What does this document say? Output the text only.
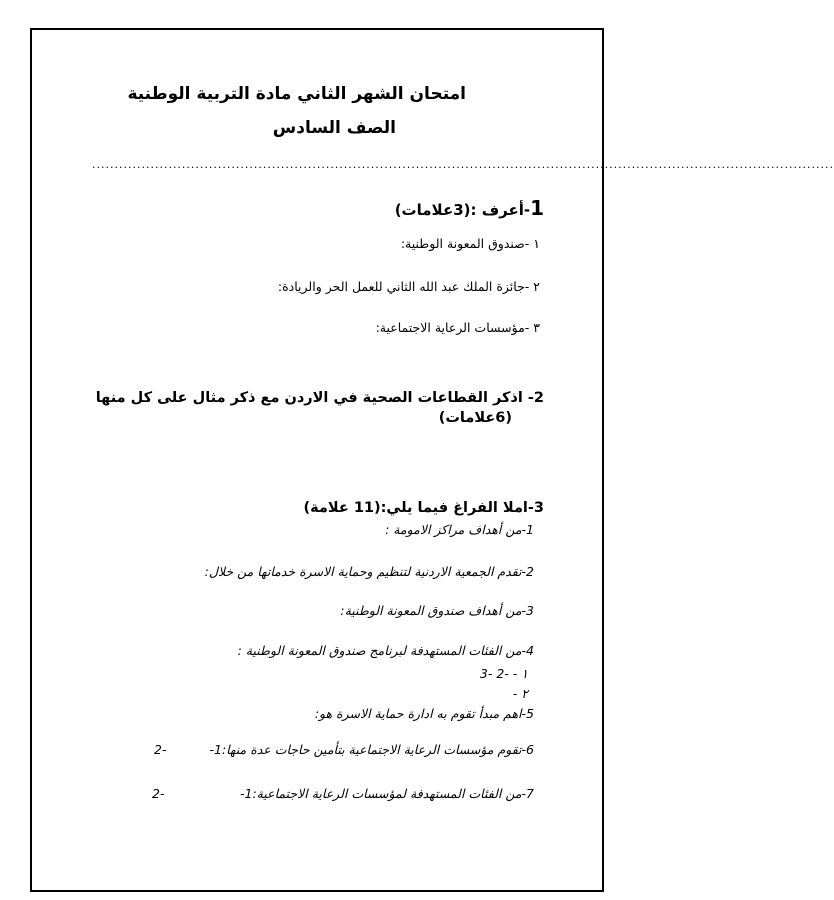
امتحان الشهر الثاني مادة التربية الوطنية
الصف السادس
.....................................................................................................................................................................
1-أعرف :(3علامات)
١ -صندوق المعونة الوطنية:
٢ -جائزة الملك عبد الله الثاني للعمل الحر والريادة:
٣ -مؤسسات الرعاية الاجتماعية:
2- اذكر القطاعات الصحية في الاردن مع ذكر مثال على كل منها
(6علامات)
3-املا الفراغ فيما يلي:(11 علامة)
1-من أهداف مراكز الامومة :
2-تقدم الجمعية الاردنية لتنظيم وحماية الاسرة خدماتها من خلال:
3-من أهداف صندوق المعونة الوطنية:
4-من الفئات المستهدفة لبرنامج صندوق المعونة الوطنية :
١ - -2 -3
٢ -
5-اهم مبدأ تقوم به ادارة حماية الاسرة هو:
6-تقوم مؤسسات الرعاية الاجتماعية بتأمين حاجات عدة منها:1-
-2
7-من الفئات المستهدفة لمؤسسات الرعاية الاجتماعية:1-
-2
